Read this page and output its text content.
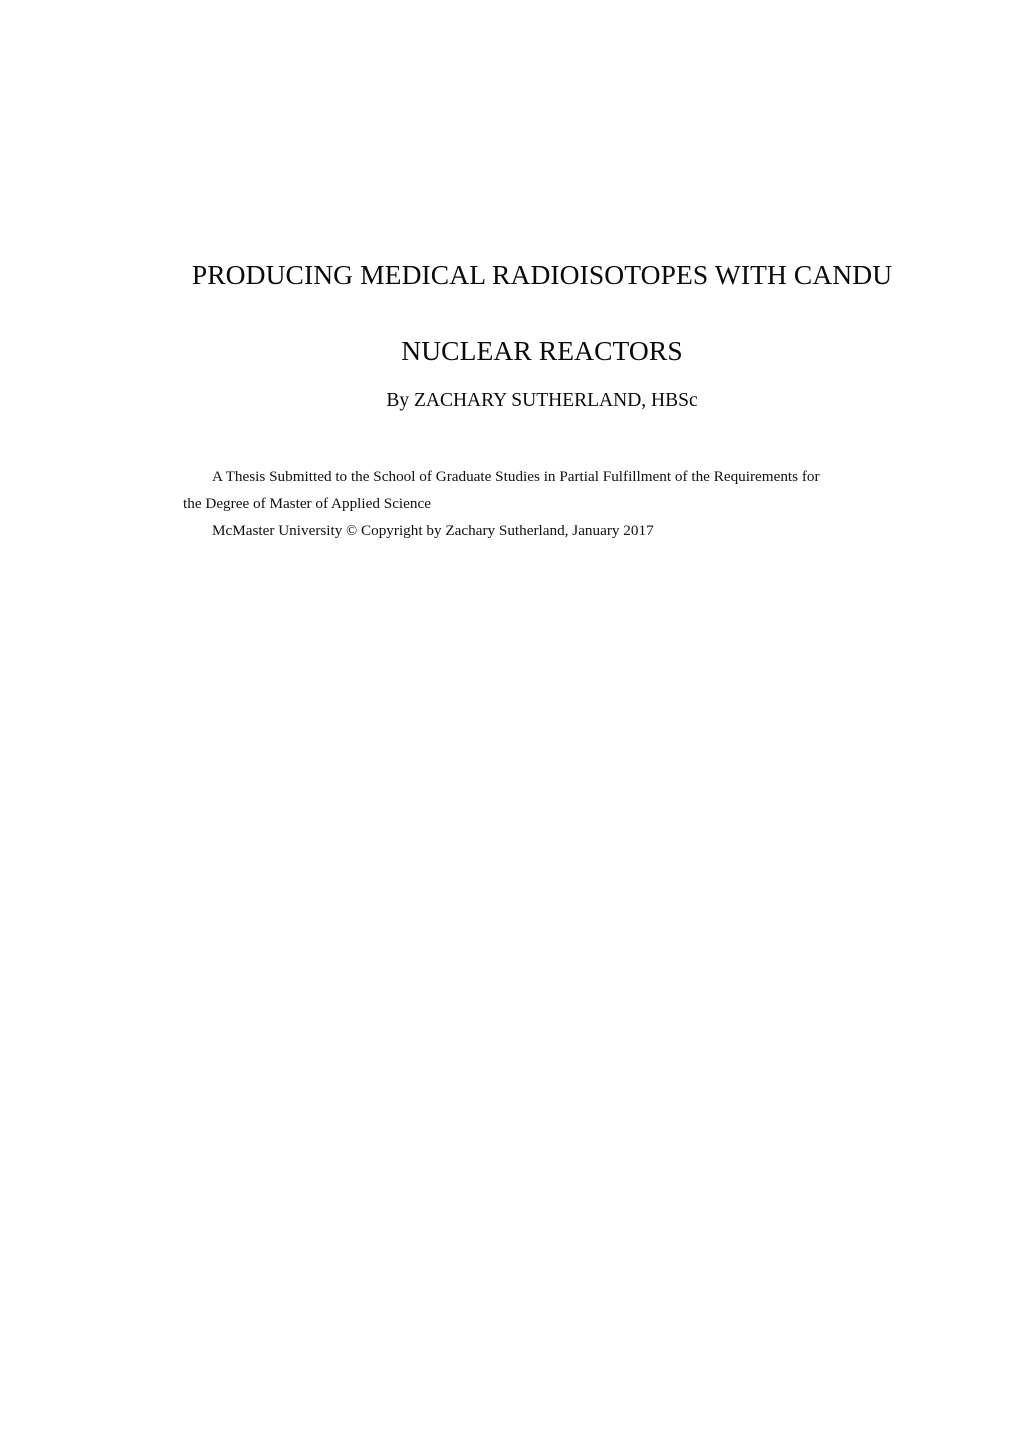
PRODUCING MEDICAL RADIOISOTOPES WITH CANDU
NUCLEAR REACTORS
By ZACHARY SUTHERLAND, HBSc
A Thesis Submitted to the School of Graduate Studies in Partial Fulfillment of the Requirements for
the Degree of Master of Applied Science
McMaster University © Copyright by Zachary Sutherland, January 2017
